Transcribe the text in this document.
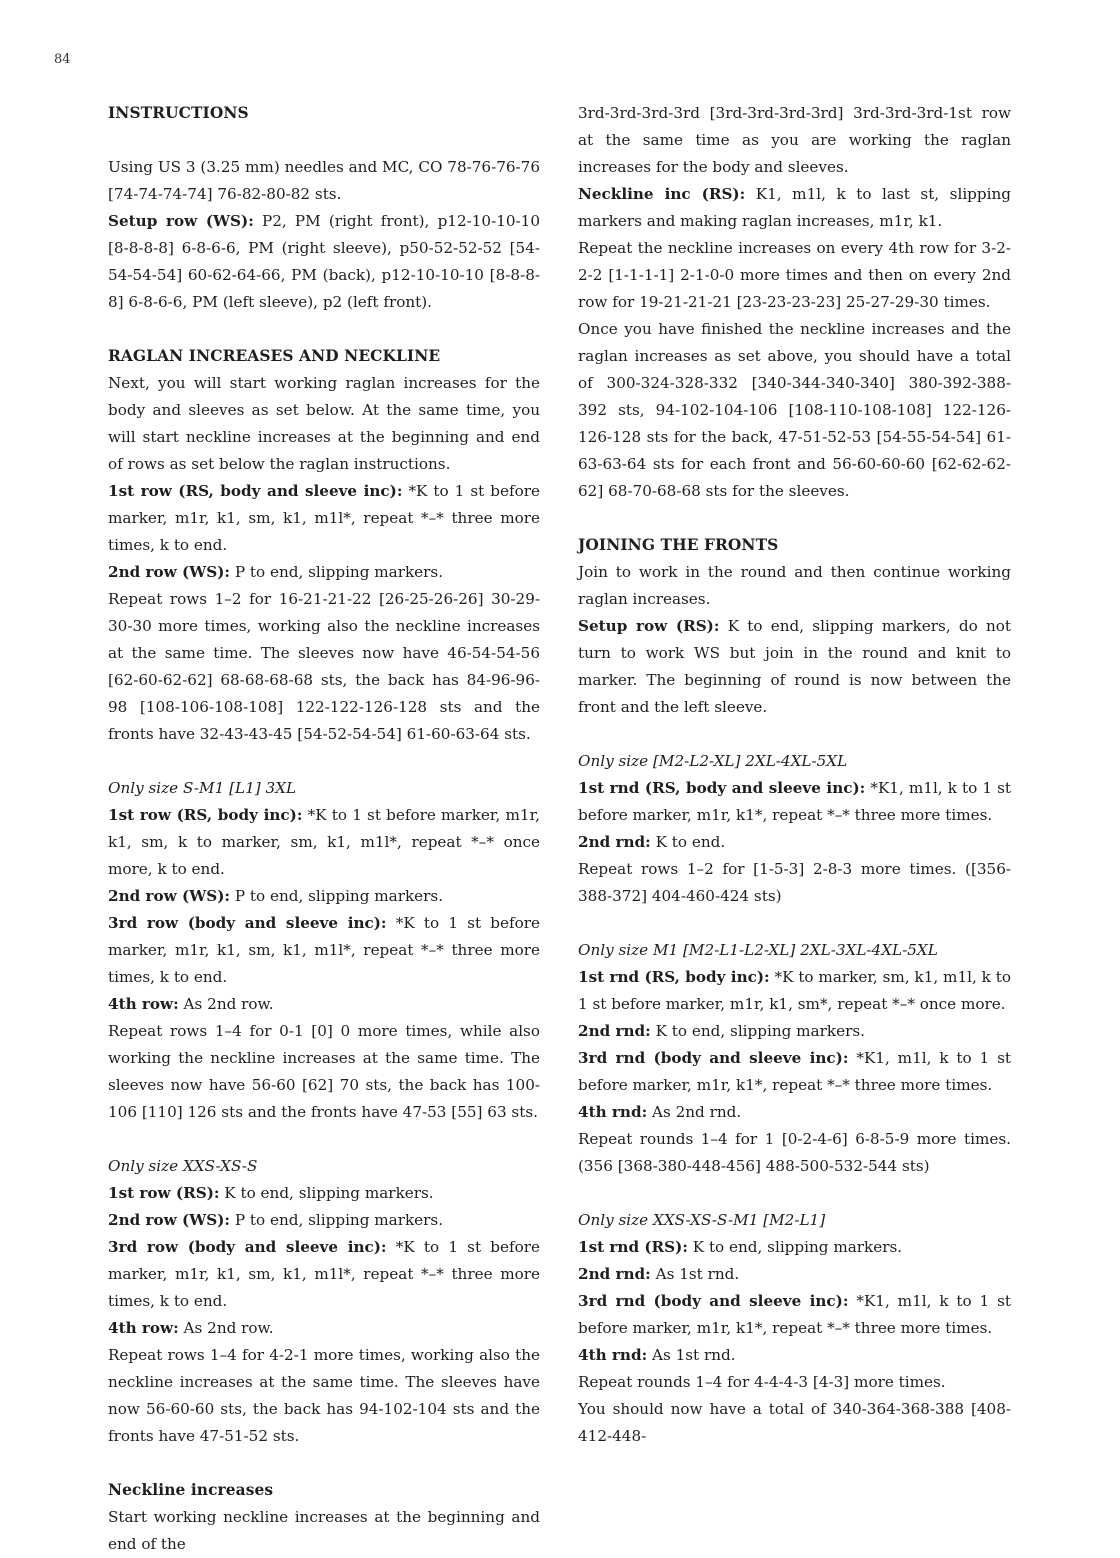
84
INSTRUCTIONS

Using US 3 (3.25 mm) needles and MC, CO 78-76-76-76 [74-74-74-74] 76-82-80-82 sts.

Setup row (WS): P2, PM (right front), p12-10-10-10 [8-8-8-8] 6-8-6-6, PM (right sleeve), p50-52-52-52 [54-54-54-54] 60-62-64-66, PM (back), p12-10-10-10 [8-8-8-8] 6-8-6-6, PM (left sleeve), p2 (left front).

RAGLAN INCREASES AND NECKLINE

Next, you will start working raglan increases for the body and sleeves as set below. At the same time, you will start neckline increases at the beginning and end of rows as set below the raglan instructions.

1st row (RS, body and sleeve inc): *K to 1 st before marker, m1r, k1, sm, k1, m1l*, repeat *–* three more times, k to end.

2nd row (WS): P to end, slipping markers.

Repeat rows 1–2 for 16-21-21-22 [26-25-26-26] 30-29-30-30 more times, working also the neckline increases at the same time. The sleeves now have 46-54-54-56 [62-60-62-62] 68-68-68-68 sts, the back has 84-96-96-98 [108-106-108-108] 122-122-126-128 sts and the fronts have 32-43-43-45 [54-52-54-54] 61-60-63-64 sts.

Only size S-M1 [L1] 3XL

1st row (RS, body inc): *K to 1 st before marker, m1r, k1, sm, k to marker, sm, k1, m1l*, repeat *–* once more, k to end.

2nd row (WS): P to end, slipping markers.

3rd row (body and sleeve inc): *K to 1 st before marker, m1r, k1, sm, k1, m1l*, repeat *–* three more times, k to end.

4th row: As 2nd row.

Repeat rows 1–4 for 0-1 [0] 0 more times, while also working the neckline increases at the same time. The sleeves now have 56-60 [62] 70 sts, the back has 100-106 [110] 126 sts and the fronts have 47-53 [55] 63 sts.

Only size XXS-XS-S

1st row (RS): K to end, slipping markers.

2nd row (WS): P to end, slipping markers.

3rd row (body and sleeve inc): *K to 1 st before marker, m1r, k1, sm, k1, m1l*, repeat *–* three more times, k to end.

4th row: As 2nd row.

Repeat rows 1–4 for 4-2-1 more times, working also the neckline increases at the same time. The sleeves have now 56-60-60 sts, the back has 94-102-104 sts and the fronts have 47-51-52 sts.

Neckline increases

Start working neckline increases at the beginning and end of the

3rd-3rd-3rd-3rd [3rd-3rd-3rd-3rd] 3rd-3rd-3rd-1st row at the same time as you are working the raglan increases for the body and sleeves.

Neckline inc (RS): K1, m1l, k to last st, slipping markers and making raglan increases, m1r, k1.

Repeat the neckline increases on every 4th row for 3-2-2-2 [1-1-1-1] 2-1-0-0 more times and then on every 2nd row for 19-21-21-21 [23-23-23-23] 25-27-29-30 times.

Once you have finished the neckline increases and the raglan increases as set above, you should have a total of 300-324-328-332 [340-344-340-340] 380-392-388-392 sts, 94-102-104-106 [108-110-108-108] 122-126-126-128 sts for the back, 47-51-52-53 [54-55-54-54] 61-63-63-64 sts for each front and 56-60-60-60 [62-62-62-62] 68-70-68-68 sts for the sleeves.

JOINING THE FRONTS

Join to work in the round and then continue working raglan increases.

Setup row (RS): K to end, slipping markers, do not turn to work WS but join in the round and knit to marker. The beginning of round is now between the front and the left sleeve.

Only size [M2-L2-XL] 2XL-4XL-5XL

1st rnd (RS, body and sleeve inc): *K1, m1l, k to 1 st before marker, m1r, k1*, repeat *–* three more times.

2nd rnd: K to end.

Repeat rows 1–2 for [1-5-3] 2-8-3 more times. ([356-388-372] 404-460-424 sts)

Only size M1 [M2-L1-L2-XL] 2XL-3XL-4XL-5XL

1st rnd (RS, body inc): *K to marker, sm, k1, m1l, k to 1 st before marker, m1r, k1, sm*, repeat *–* once more.

2nd rnd: K to end, slipping markers.

3rd rnd (body and sleeve inc): *K1, m1l, k to 1 st before marker, m1r, k1*, repeat *–* three more times.

4th rnd: As 2nd rnd.

Repeat rounds 1–4 for 1 [0-2-4-6] 6-8-5-9 more times. (356 [368-380-448-456] 488-500-532-544 sts)

Only size XXS-XS-S-M1 [M2-L1]

1st rnd (RS): K to end, slipping markers.

2nd rnd: As 1st rnd.

3rd rnd (body and sleeve inc): *K1, m1l, k to 1 st before marker, m1r, k1*, repeat *–* three more times.

4th rnd: As 1st rnd.

Repeat rounds 1–4 for 4-4-4-3 [4-3] more times.

You should now have a total of 340-364-368-388 [408-412-448-
